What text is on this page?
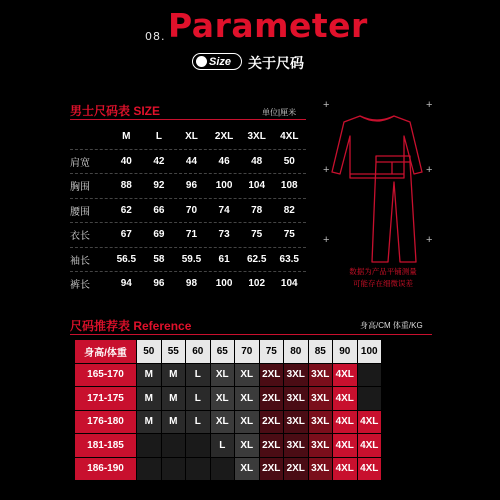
08. Parameter
Size 关于尺码
男士尺码表 SIZE	单位|厘米
M	L	XL	2XL	3XL	4XL
肩宽	40	42	44	46	48	50
胸围	88	92	96	100	104	108
腰围	62	66	70	74	78	82
衣长	67	69	71	73	75	75
袖长	56.5	58	59.5	61	62.5	63.5
裤长	94	96	98	100	102	104
+	+
+	+
+	+
数据为产品平铺测量
可能存在细微误差
尺码推荐表 Reference	身高/CM 体重/KG
身高/体重	50	55	60	65	70	75	80	85	90	100
165-170	M	M	L	XL	XL	2XL	3XL	3XL	4XL	
171-175	M	M	L	XL	XL	2XL	3XL	3XL	4XL	
176-180	M	M	L	XL	XL	2XL	3XL	3XL	4XL	4XL
181-185				L	XL	2XL	3XL	3XL	4XL	4XL
186-190					XL	2XL	2XL	3XL	4XL	4XL
